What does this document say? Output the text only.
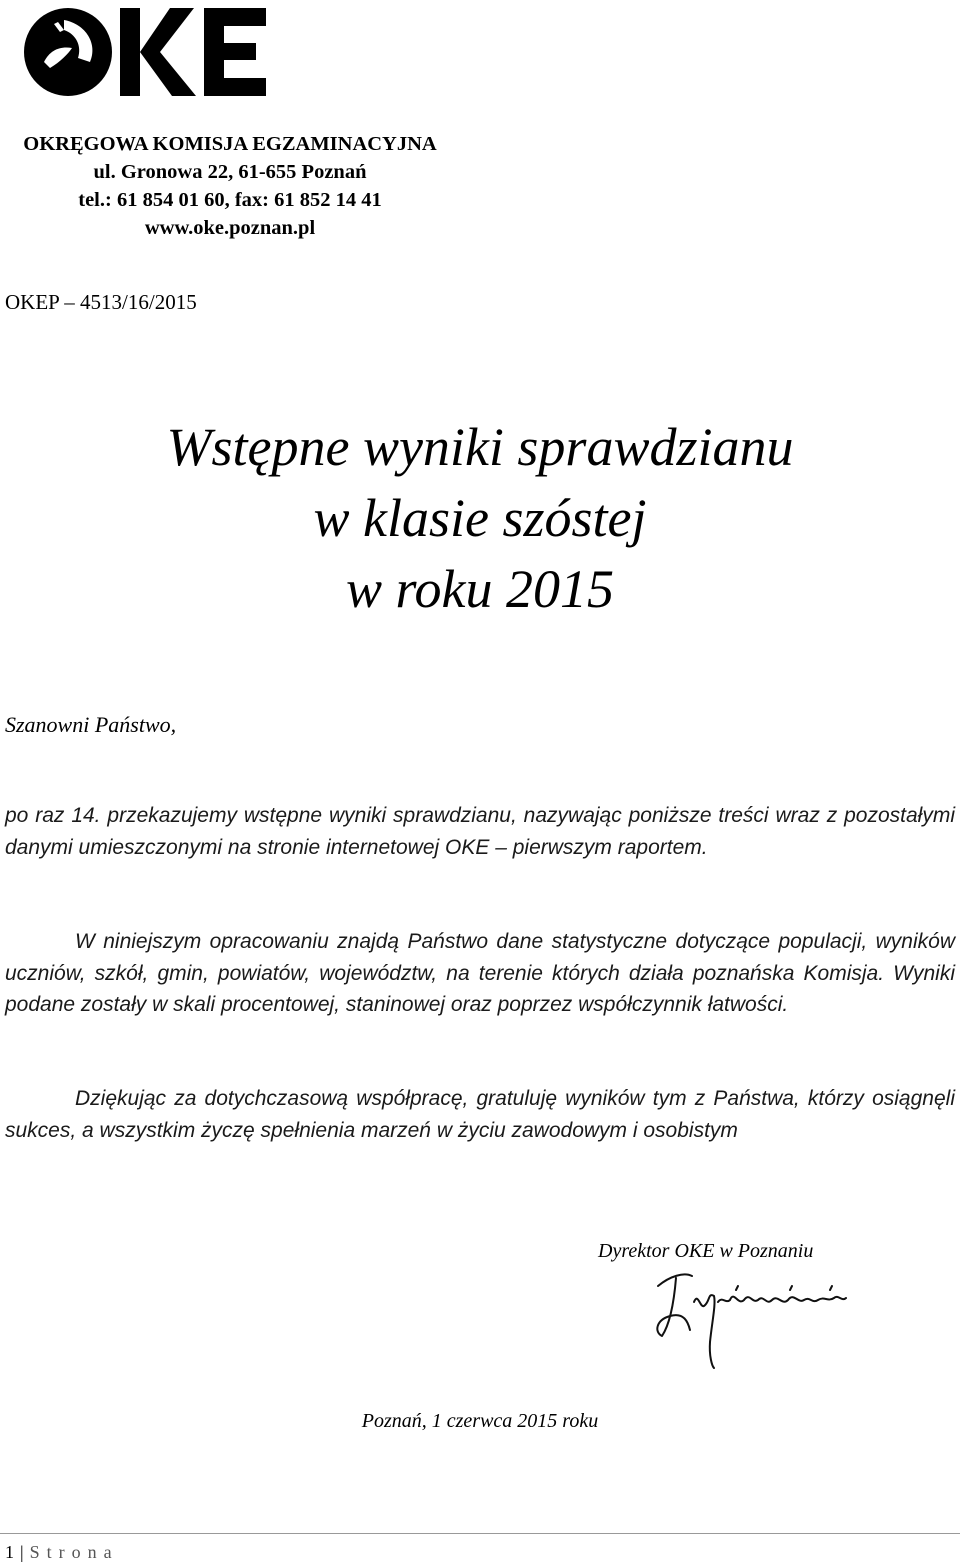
OKRĘGOWA KOMISJA EGZAMINACYJNA
ul. Gronowa 22, 61-655 Poznań
tel.: 61 854 01 60, fax: 61 852 14 41
www.oke.poznan.pl
OKEP – 4513/16/2015
Wstępne wyniki sprawdzianu
w klasie szóstej
w roku 2015
Szanowni Państwo,
po raz 14. przekazujemy wstępne wyniki sprawdzianu, nazywając poniższe treści wraz z pozostałymi danymi umieszczonymi na stronie internetowej OKE – pierwszym raportem.
W niniejszym opracowaniu znajdą Państwo dane statystyczne dotyczące populacji, wyników uczniów, szkół, gmin, powiatów, województw, na terenie których działa poznańska Komisja. Wyniki podane zostały w skali procentowej, staninowej oraz poprzez współczynnik łatwości.
Dziękując za dotychczasową współpracę, gratuluję wyników tym z Państwa, którzy osiągnęli sukces, a wszystkim życzę spełnienia marzeń w życiu zawodowym i osobistym
Dyrektor OKE w Poznaniu
Poznań, 1 czerwca 2015 roku
1 | Strona
